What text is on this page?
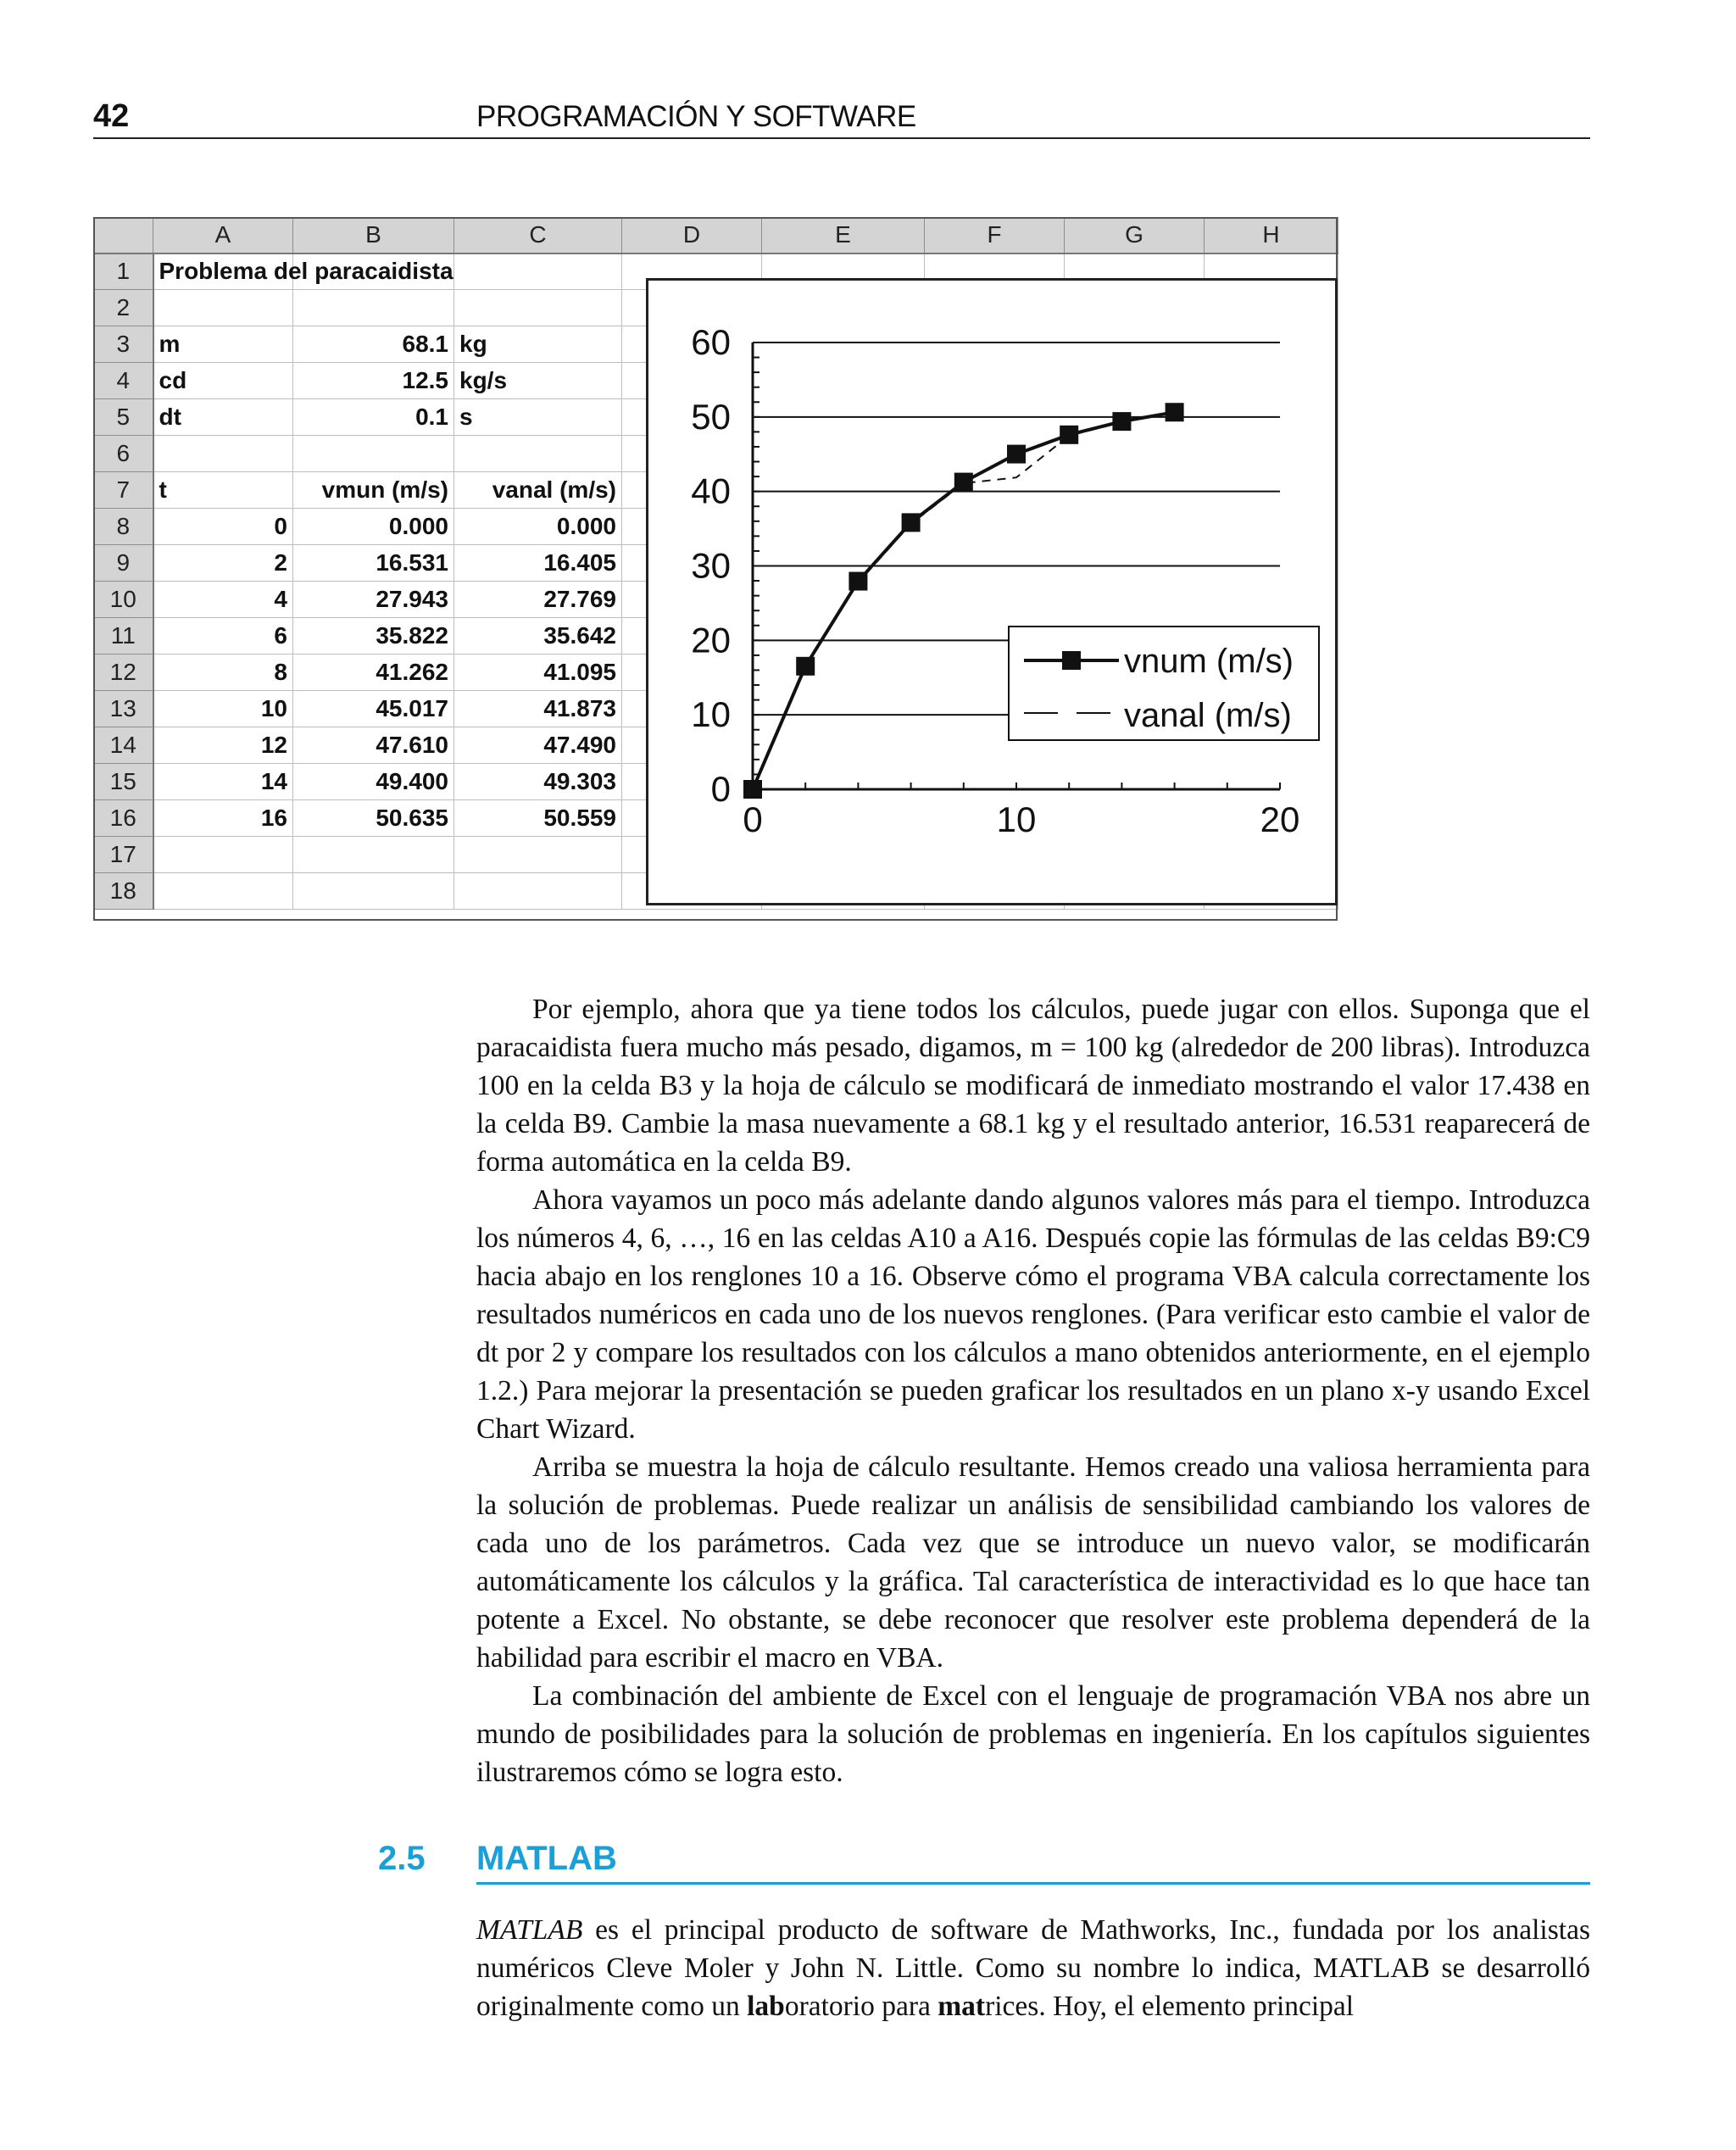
42	PROGRAMACIÓN Y SOFTWARE
	A	B	C	D	E	F	G	H
1	Problema del paracaidista							
2								
3	m	68.1	kg					
4	cd	12.5	kg/s					
5	dt	0.1	s					
6								
7	t	vmun (m/s)	vanal (m/s)					
8	0	0.000	0.000					
9	2	16.531	16.405					
10	4	27.943	27.769					
11	6	35.822	35.642					
12	8	41.262	41.095					
13	10	45.017	41.873					
14	12	47.610	47.490					
15	14	49.400	49.303					
16	16	50.635	50.559					
17								
18								
0
10
20
30
40
50
60
0	10	20
vnum (m/s)
vanal (m/s)

Por ejemplo, ahora que ya tiene todos los cálculos, puede jugar con ellos. Suponga que el paracaidista fuera mucho más pesado, digamos, m = 100 kg (alrededor de 200 libras). Introduzca 100 en la celda B3 y la hoja de cálculo se modificará de inmediato mostrando el valor 17.438 en la celda B9. Cambie la masa nuevamente a 68.1 kg y el resultado anterior, 16.531 reaparecerá de forma automática en la celda B9.

Ahora vayamos un poco más adelante dando algunos valores más para el tiempo. Introduzca los números 4, 6, …, 16 en las celdas A10 a A16. Después copie las fórmulas de las celdas B9:C9 hacia abajo en los renglones 10 a 16. Observe cómo el programa VBA calcula correctamente los resultados numéricos en cada uno de los nuevos renglones. (Para verificar esto cambie el valor de dt por 2 y compare los resultados con los cálculos a mano obtenidos anteriormente, en el ejemplo 1.2.) Para mejorar la presentación se pueden graficar los resultados en un plano x-y usando Excel Chart Wizard.

Arriba se muestra la hoja de cálculo resultante. Hemos creado una valiosa herramienta para la solución de problemas. Puede realizar un análisis de sensibilidad cambiando los valores de cada uno de los parámetros. Cada vez que se introduce un nuevo valor, se modificarán automáticamente los cálculos y la gráfica. Tal característica de interactividad es lo que hace tan potente a Excel. No obstante, se debe reconocer que resolver este problema dependerá de la habilidad para escribir el macro en VBA.

La combinación del ambiente de Excel con el lenguaje de programación VBA nos abre un mundo de posibilidades para la solución de problemas en ingeniería. En los capítulos siguientes ilustraremos cómo se logra esto.

2.5 MATLAB

MATLAB es el principal producto de software de Mathworks, Inc., fundada por los analistas numéricos Cleve Moler y John N. Little. Como su nombre lo indica, MATLAB se desarrolló originalmente como un laboratorio para matrices. Hoy, el elemento principal
